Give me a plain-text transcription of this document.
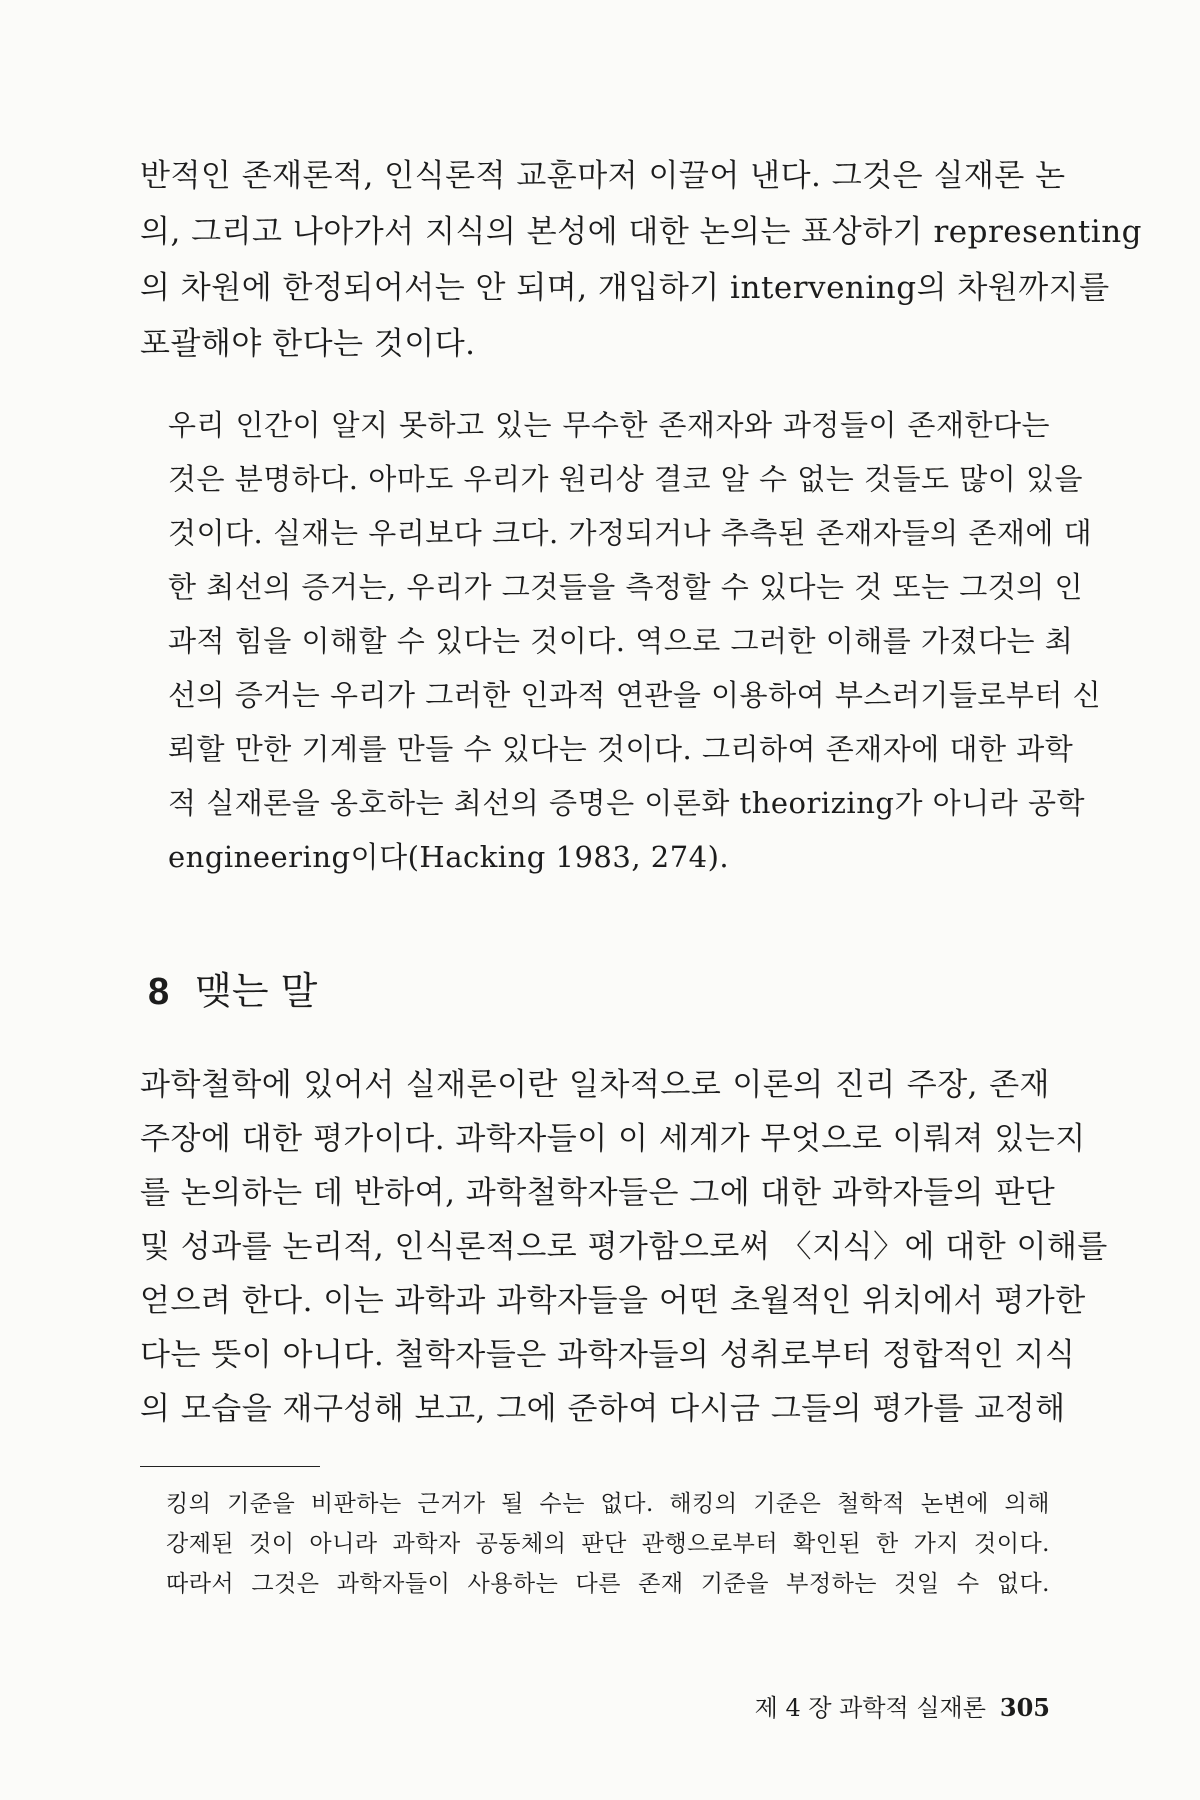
반적인 존재론적, 인식론적 교훈마저 이끌어 낸다. 그것은 실재론 논
의, 그리고 나아가서 지식의 본성에 대한 논의는 표상하기 representing
의 차원에 한정되어서는 안 되며, 개입하기 intervening의 차원까지를
포괄해야 한다는 것이다.

우리 인간이 알지 못하고 있는 무수한 존재자와 과정들이 존재한다는
것은 분명하다. 아마도 우리가 원리상 결코 알 수 없는 것들도 많이 있을
것이다. 실재는 우리보다 크다. 가정되거나 추측된 존재자들의 존재에 대
한 최선의 증거는, 우리가 그것들을 측정할 수 있다는 것 또는 그것의 인
과적 힘을 이해할 수 있다는 것이다. 역으로 그러한 이해를 가졌다는 최
선의 증거는 우리가 그러한 인과적 연관을 이용하여 부스러기들로부터 신
뢰할 만한 기계를 만들 수 있다는 것이다. 그리하여 존재자에 대한 과학
적 실재론을 옹호하는 최선의 증명은 이론화 theorizing가 아니라 공학
engineering이다(Hacking 1983, 274).
8 맺는 말

과학철학에 있어서 실재론이란 일차적으로 이론의 진리 주장, 존재
주장에 대한 평가이다. 과학자들이 이 세계가 무엇으로 이뤄져 있는지
를 논의하는 데 반하여, 과학철학자들은 그에 대한 과학자들의 판단
및 성과를 논리적, 인식론적으로 평가함으로써 〈지식〉에 대한 이해를
얻으려 한다. 이는 과학과 과학자들을 어떤 초월적인 위치에서 평가한
다는 뜻이 아니다. 철학자들은 과학자들의 성취로부터 정합적인 지식
의 모습을 재구성해 보고, 그에 준하여 다시금 그들의 평가를 교정해

킹의 기준을 비판하는 근거가 될 수는 없다. 해킹의 기준은 철학적 논변에 의해
강제된 것이 아니라 과학자 공동체의 판단 관행으로부터 확인된 한 가지 것이다.
따라서 그것은 과학자들이 사용하는 다른 존재 기준을 부정하는 것일 수 없다.

제 4 장 과학적 실재론 305
